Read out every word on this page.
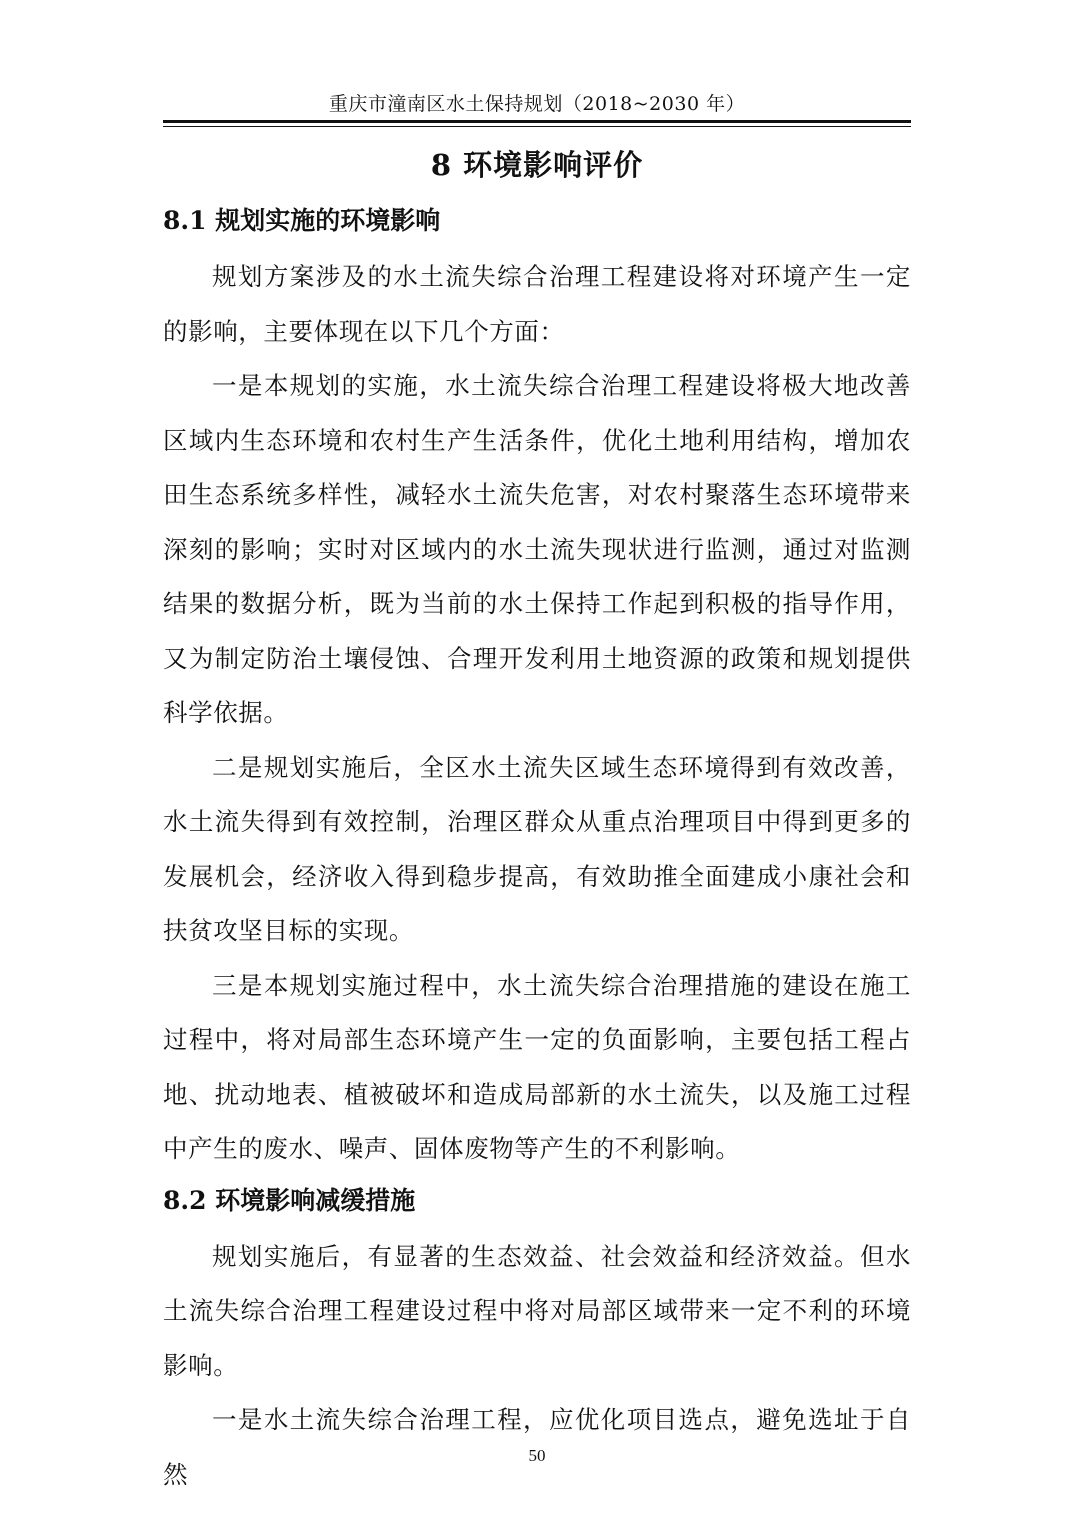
重庆市潼南区水土保持规划（2018~2030 年）
8 环境影响评价
8.1 规划实施的环境影响

规划方案涉及的水土流失综合治理工程建设将对环境产生一定的影响，主要体现在以下几个方面：

一是本规划的实施，水土流失综合治理工程建设将极大地改善区域内生态环境和农村生产生活条件，优化土地利用结构，增加农田生态系统多样性，减轻水土流失危害，对农村聚落生态环境带来深刻的影响；实时对区域内的水土流失现状进行监测，通过对监测结果的数据分析，既为当前的水土保持工作起到积极的指导作用，又为制定防治土壤侵蚀、合理开发利用土地资源的政策和规划提供科学依据。

二是规划实施后，全区水土流失区域生态环境得到有效改善，水土流失得到有效控制，治理区群众从重点治理项目中得到更多的发展机会，经济收入得到稳步提高，有效助推全面建成小康社会和扶贫攻坚目标的实现。

三是本规划实施过程中，水土流失综合治理措施的建设在施工过程中，将对局部生态环境产生一定的负面影响，主要包括工程占地、扰动地表、植被破坏和造成局部新的水土流失，以及施工过程中产生的废水、噪声、固体废物等产生的不利影响。

8.2 环境影响减缓措施

规划实施后，有显著的生态效益、社会效益和经济效益。但水土流失综合治理工程建设过程中将对局部区域带来一定不利的环境影响。

一是水土流失综合治理工程，应优化项目选点，避免选址于自然

50
